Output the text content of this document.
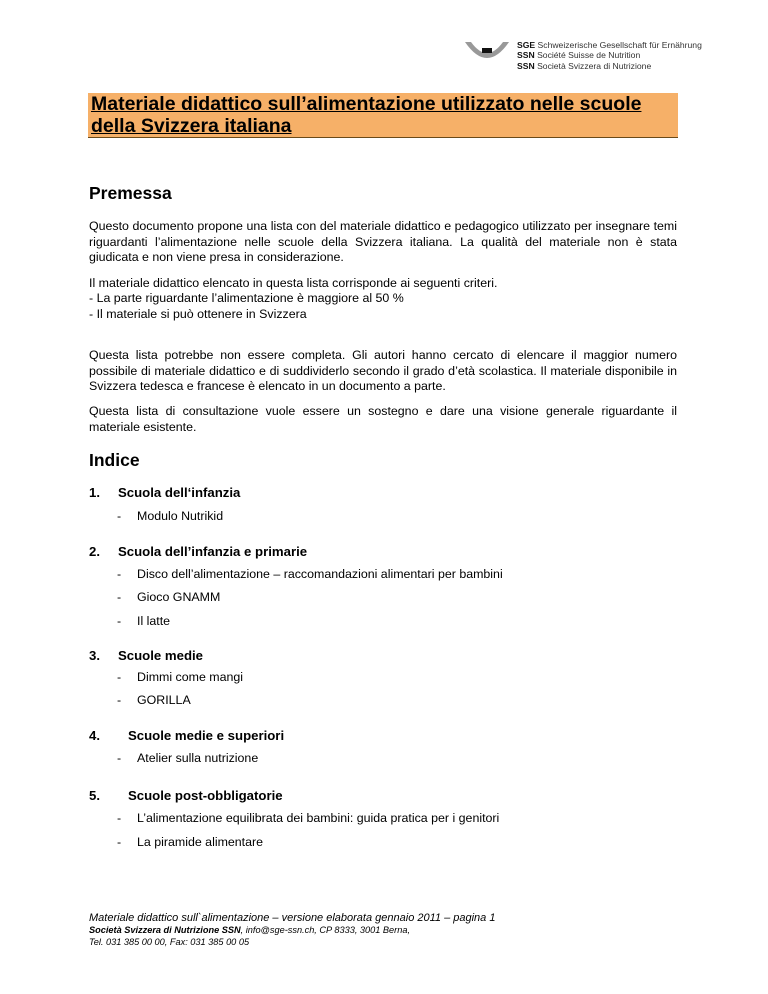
SGE Schweizerische Gesellschaft für Ernährung
SSN Société Suisse de Nutrition
SSN Società Svizzera di Nutrizione
Materiale didattico sull’alimentazione utilizzato nelle scuole della Svizzera italiana
Premessa

Questo documento propone una lista con del materiale didattico e pedagogico utilizzato per insegnare temi riguardanti l’alimentazione nelle scuole della Svizzera italiana. La qualità del materiale non è stata giudicata e non viene presa in considerazione.

Il materiale didattico elencato in questa lista corrisponde ai seguenti criteri.

- La parte riguardante l’alimentazione è maggiore al 50 %
- Il materiale si può ottenere in Svizzera

Questa lista potrebbe non essere completa. Gli autori hanno cercato di elencare il maggior numero possibile di materiale didattico e di suddividerlo secondo il grado d’età scolastica. Il materiale disponibile in Svizzera tedesca e francese è elencato in un documento a parte.

Questa lista di consultazione vuole essere un sostegno e dare una visione generale riguardante il materiale esistente.

Indice
1. Scuola dell‘infanzia
- Modulo Nutrikid
2. Scuola dell’infanzia e primarie
- Disco dell’alimentazione – raccomandazioni alimentari per bambini
- Gioco GNAMM
- Il latte
3. Scuole medie
- Dimmi come mangi
- GORILLA
4. Scuole medie e superiori
- Atelier sulla nutrizione
5. Scuole post-obbligatorie
- L’alimentazione equilibrata dei bambini: guida pratica per i genitori
- La piramide alimentare
Materiale didattico sull`alimentazione – versione elaborata gennaio 2011 – pagina 1
Società Svizzera di Nutrizione SSN, info@sge-ssn.ch, CP 8333, 3001 Berna,
Tel. 031 385 00 00, Fax: 031 385 00 05
